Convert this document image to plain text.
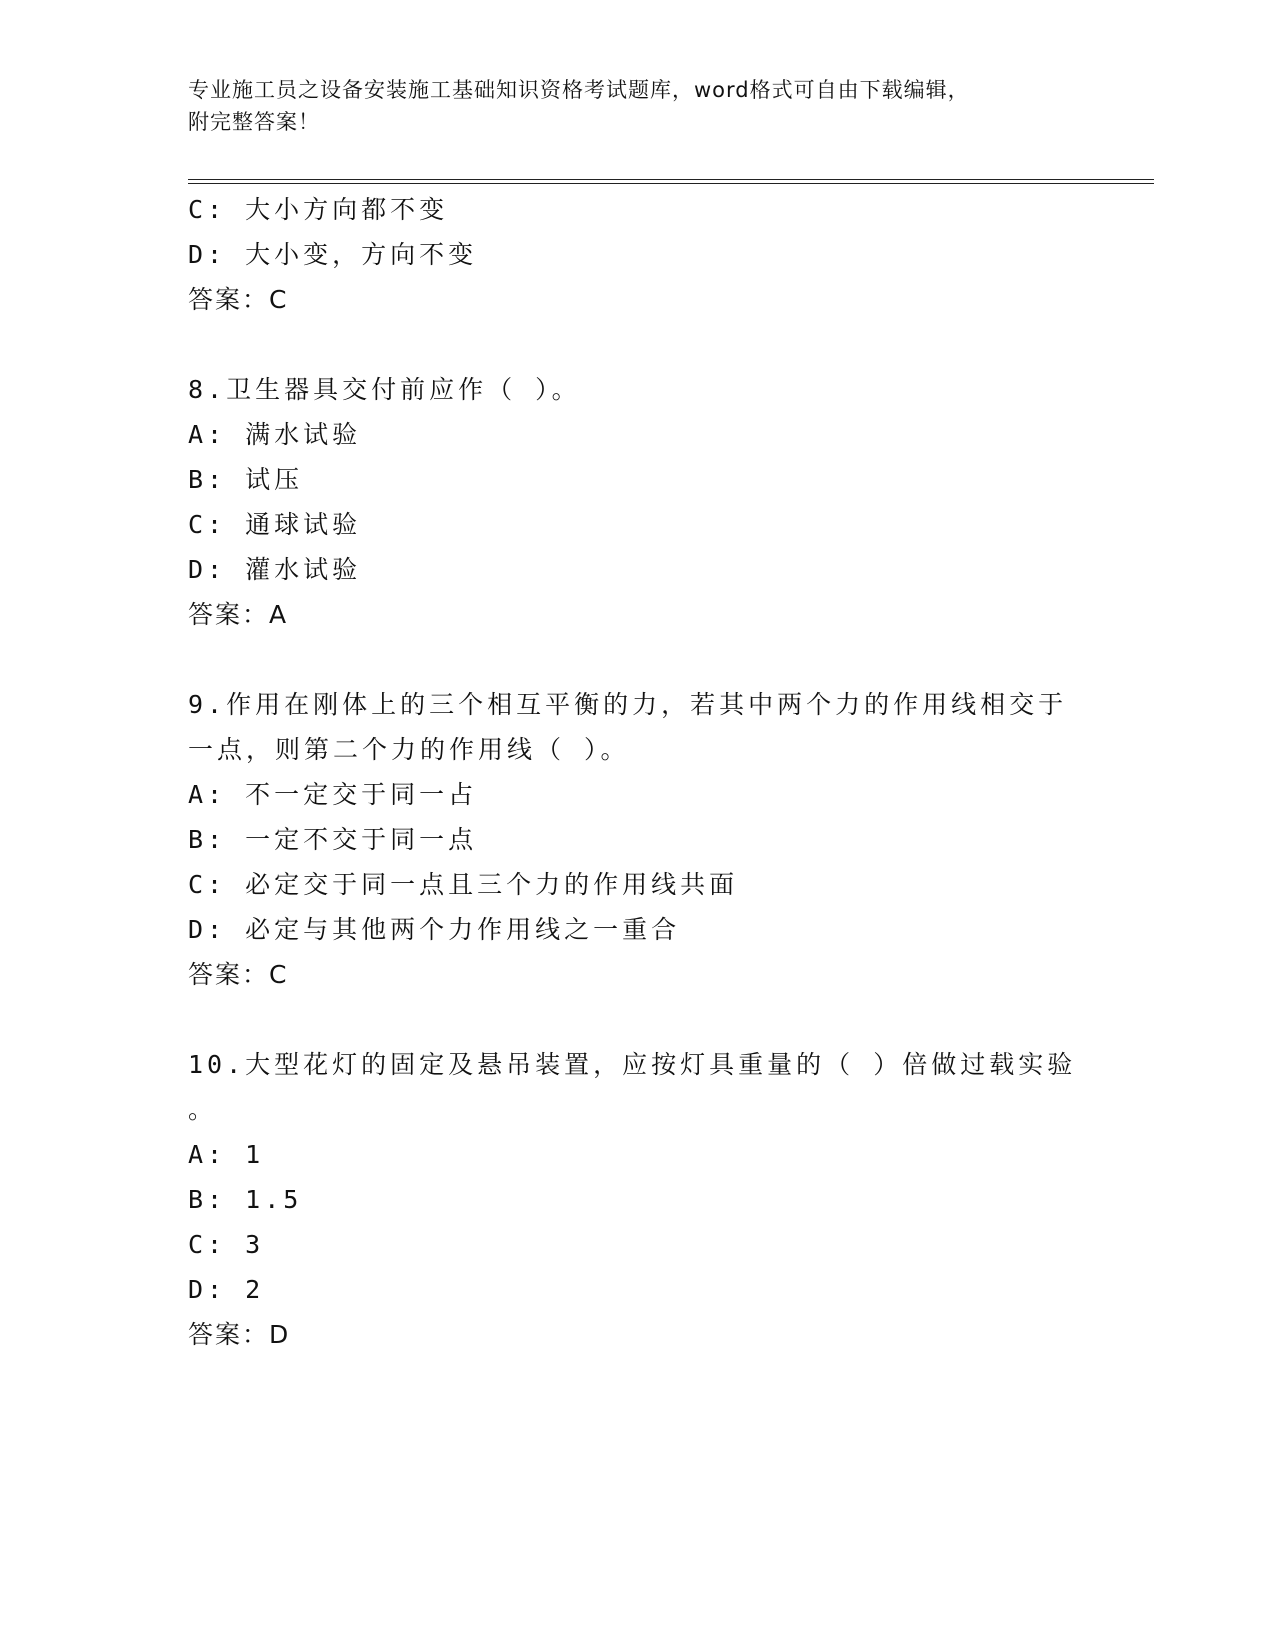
专业施工员之设备安装施工基础知识资格考试题库，word格式可自由下载编辑，
附完整答案！
C: 大小方向都不变
D: 大小变，方向不变
答案：C
8.卫生器具交付前应作（ ）。
A: 满水试验
B: 试压
C: 通球试验
D: 灌水试验
答案：A
9.作用在刚体上的三个相互平衡的力，若其中两个力的作用线相交于
一点，则第二个力的作用线（ ）。
A: 不一定交于同一占
B: 一定不交于同一点
C: 必定交于同一点且三个力的作用线共面
D: 必定与其他两个力作用线之一重合
答案：C
10.大型花灯的固定及悬吊装置，应按灯具重量的（ ）倍做过载实验
。
A: 1
B: 1.5
C: 3
D: 2
答案：D
